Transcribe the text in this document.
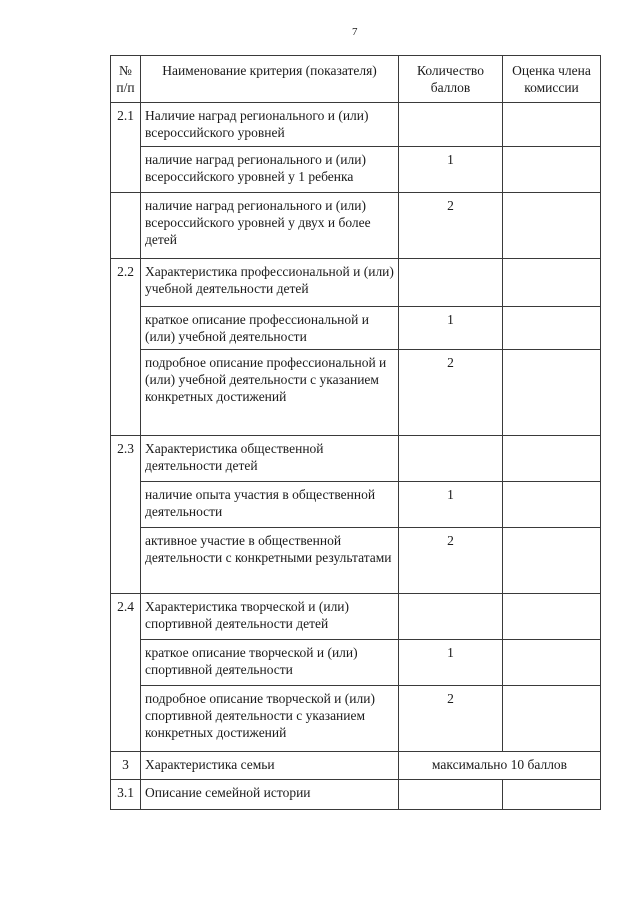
7
№ п/п	Наименование критерия (показателя)	Количество баллов	Оценка члена комиссии
2.1	Наличие наград регионального и (или) всероссийского уровней		
	наличие наград регионального и (или) всероссийского уровней у 1 ребенка	1	
	наличие наград регионального и (или) всероссийского уровней у двух и более детей	2	
2.2	Характеристика профессиональной и (или) учебной деятельности детей		
	краткое описание профессиональной и (или) учебной деятельности	1	
	подробное описание профессиональной и (или) учебной деятельности с указанием конкретных достижений	2	
2.3	Характеристика общественной деятельности детей		
	наличие опыта участия в общественной деятельности	1	
	активное участие в общественной деятельности с конкретными результатами	2	
2.4	Характеристика творческой и (или) спортивной деятельности детей		
	краткое описание творческой и (или) спортивной деятельности	1	
	подробное описание творческой и (или) спортивной деятельности с указанием конкретных достижений	2	
3	Характеристика семьи	максимально 10 баллов	
3.1	Описание семейной истории		
